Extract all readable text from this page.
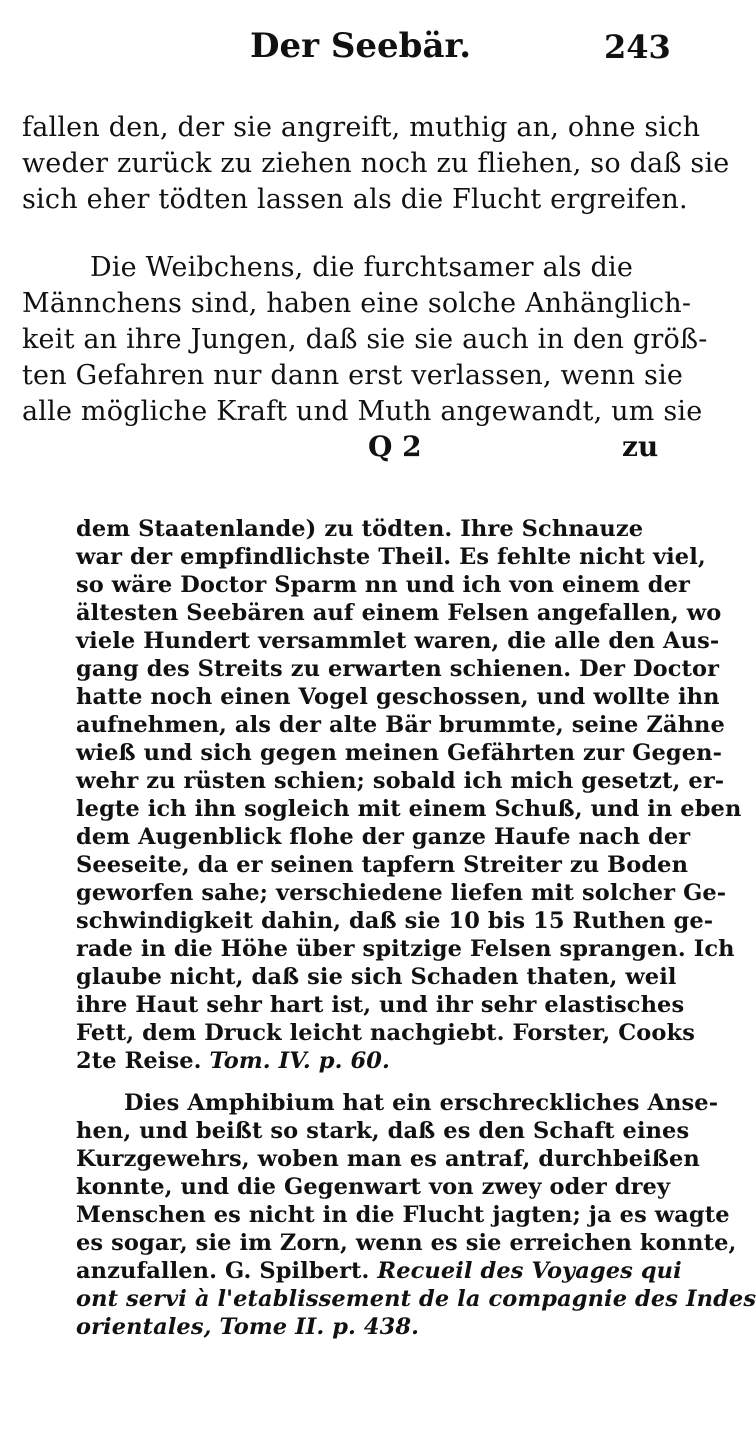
Der Seebär.	243
fallen den, der sie angreift, muthig an, ohne sich
weder zurück zu ziehen noch zu fliehen, so daß sie
sich eher tödten lassen als die Flucht ergreifen.
Die Weibchens, die furchtsamer als die
Männchens sind, haben eine solche Anhänglich-
keit an ihre Jungen, daß sie sie auch in den größ-
ten Gefahren nur dann erst verlassen, wenn sie
alle mögliche Kraft und Muth angewandt, um sie
Q 2	zu
dem Staatenlande) zu tödten. Ihre Schnauze
war der empfindlichste Theil. Es fehlte nicht viel,
so wäre Doctor Sparm nn und ich von einem der
ältesten Seebären auf einem Felsen angefallen, wo
viele Hundert versammlet waren, die alle den Aus-
gang des Streits zu erwarten schienen. Der Doctor
hatte noch einen Vogel geschossen, und wollte ihn
aufnehmen, als der alte Bär brummte, seine Zähne
wieß und sich gegen meinen Gefährten zur Gegen-
wehr zu rüsten schien; sobald ich mich gesetzt, er-
legte ich ihn sogleich mit einem Schuß, und in eben
dem Augenblick flohe der ganze Haufe nach der
Seeseite, da er seinen tapfern Streiter zu Boden
geworfen sahe; verschiedene liefen mit solcher Ge-
schwindigkeit dahin, daß sie 10 bis 15 Ruthen ge-
rade in die Höhe über spitzige Felsen sprangen. Ich
glaube nicht, daß sie sich Schaden thaten, weil
ihre Haut sehr hart ist, und ihr sehr elastisches
Fett, dem Druck leicht nachgiebt. Forster, Cooks
2te Reise. Tom. IV. p. 60.
Dies Amphibium hat ein erschreckliches Anse-
hen, und beißt so stark, daß es den Schaft eines
Kurzgewehrs, woben man es antraf, durchbeißen
konnte, und die Gegenwart von zwey oder drey
Menschen es nicht in die Flucht jagten; ja es wagte
es sogar, sie im Zorn, wenn es sie erreichen konnte,
anzufallen. G. Spilbert. Recueil des Voyages qui
ont servi à l'etablissement de la compagnie des Indes
orientales, Tome II. p. 438.
